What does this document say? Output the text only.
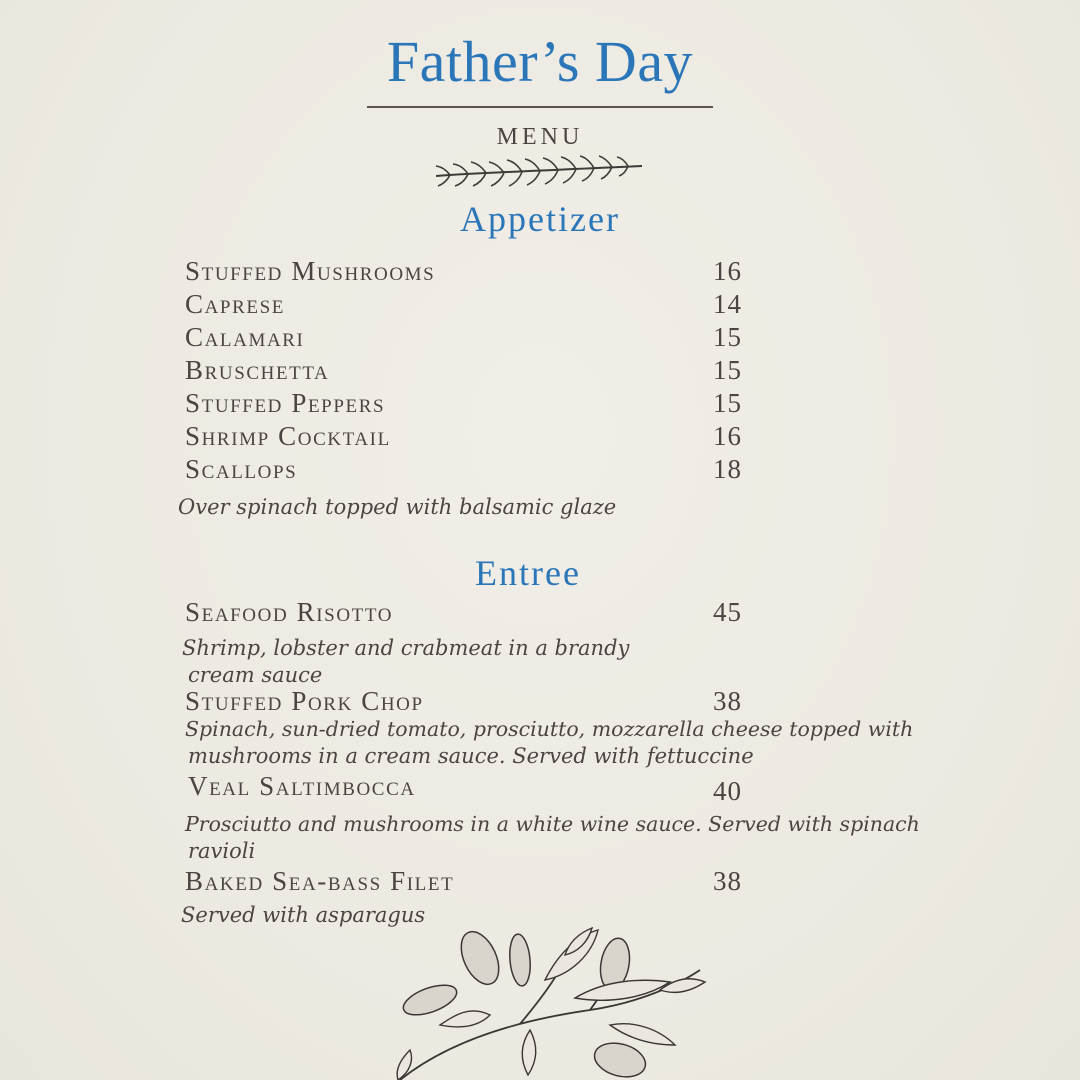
Father’s Day
MENU
Appetizer
Stuffed Mushrooms	16
Caprese	14
Calamari	15
Bruschetta	15
Stuffed Peppers	15
Shrimp Cocktail	16
Scallops	18
Over spinach topped with balsamic glaze
Entree
Seafood Risotto	45
Shrimp, lobster and crabmeat in a brandy
cream sauce
Stuffed Pork Chop	38
Spinach, sun-dried tomato, prosciutto, mozzarella cheese topped with
mushrooms in a cream sauce. Served with fettuccine
Veal Saltimbocca	40
Prosciutto and mushrooms in a white wine sauce. Served with spinach
ravioli
Baked Sea-bass Filet	38
Served with asparagus
